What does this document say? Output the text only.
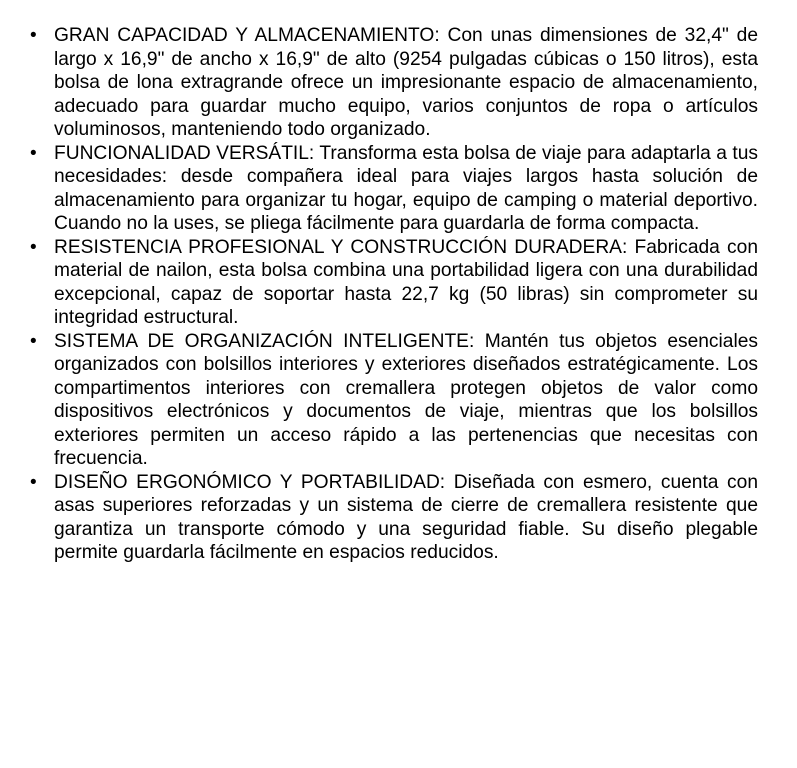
• GRAN CAPACIDAD Y ALMACENAMIENTO: Con unas dimensiones de 32,4" de largo x 16,9" de ancho x 16,9" de alto (9254 pulgadas cúbicas o 150 litros), esta bolsa de lona extragrande ofrece un impresionante espacio de almacenamiento, adecuado para guardar mucho equipo, varios conjuntos de ropa o artículos voluminosos, manteniendo todo organizado.
• FUNCIONALIDAD VERSÁTIL: Transforma esta bolsa de viaje para adaptarla a tus necesidades: desde compañera ideal para viajes largos hasta solución de almacenamiento para organizar tu hogar, equipo de camping o material deportivo. Cuando no la uses, se pliega fácilmente para guardarla de forma compacta.
• RESISTENCIA PROFESIONAL Y CONSTRUCCIÓN DURADERA: Fabricada con material de nailon, esta bolsa combina una portabilidad ligera con una durabilidad excepcional, capaz de soportar hasta 22,7 kg (50 libras) sin comprometer su integridad estructural.
• SISTEMA DE ORGANIZACIÓN INTELIGENTE: Mantén tus objetos esenciales organizados con bolsillos interiores y exteriores diseñados estratégicamente. Los compartimentos interiores con cremallera protegen objetos de valor como dispositivos electrónicos y documentos de viaje, mientras que los bolsillos exteriores permiten un acceso rápido a las pertenencias que necesitas con frecuencia.
• DISEÑO ERGONÓMICO Y PORTABILIDAD: Diseñada con esmero, cuenta con asas superiores reforzadas y un sistema de cierre de cremallera resistente que garantiza un transporte cómodo y una seguridad fiable. Su diseño plegable permite guardarla fácilmente en espacios reducidos.
